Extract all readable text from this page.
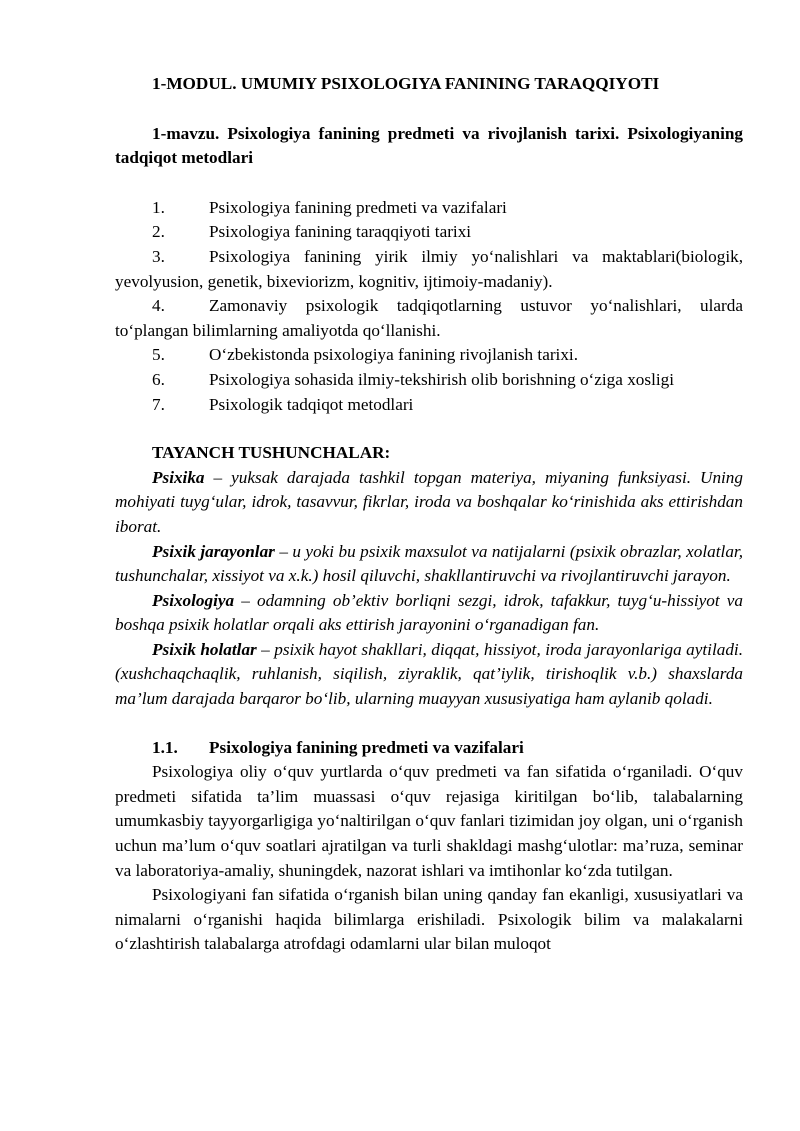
1-MODUL. UMUMIY PSIXOLOGIYA FANINING TARAQQIYOTI

1-mavzu. Psixologiya fanining predmeti va rivojlanish tarixi. Psixologiyaning tadqiqot metodlari

1.	Psixologiya fanining predmeti va vazifalari

2.	Psixologiya fanining taraqqiyoti tarixi

3.	Psixologiya fanining yirik ilmiy yo‘nalishlari va maktablari(biologik, yevolyusion, genetik, bixeviorizm, kognitiv, ijtimoiy-madaniy).

4.	Zamonaviy psixologik tadqiqotlarning ustuvor yo‘nalishlari, ularda to‘plangan bilimlarning amaliyotda qo‘llanishi.

5.	O‘zbekistonda psixologiya fanining rivojlanish tarixi.

6.	Psixologiya sohasida ilmiy-tekshirish olib borishning o‘ziga xosligi

7.	Psixologik tadqiqot metodlari

TAYANCH TUSHUNCHALAR:

Psixika – yuksak darajada tashkil topgan materiya, miyaning funksiyasi. Uning mohiyati tuyg‘ular, idrok, tasavvur, fikrlar, iroda va boshqalar ko‘rinishida aks ettirishdan iborat.

Psixik jarayonlar – u yoki bu psixik maxsulot va natijalarni (psixik obrazlar, xolatlar, tushunchalar, xissiyot va x.k.) hosil qiluvchi, shakllantiruvchi va rivojlantiruvchi jarayon.

Psixologiya – odamning ob’ektiv borliqni sezgi, idrok, tafakkur, tuyg‘u-hissiyot va boshqa psixik holatlar orqali aks ettirish jarayonini o‘rganadigan fan.

Psixik holatlar – psixik hayot shakllari, diqqat, hissiyot, iroda jarayonlariga aytiladi. (xushchaqchaqlik, ruhlanish, siqilish, ziyraklik, qat’iylik, tirishoqlik v.b.) shaxslarda ma’lum darajada barqaror bo‘lib, ularning muayyan xususiyatiga ham aylanib qoladi.

1.1. Psixologiya fanining predmeti va vazifalari

Psixologiya oliy o‘quv yurtlarda o‘quv predmeti va fan sifatida o‘rganiladi. O‘quv predmeti sifatida ta’lim muassasi o‘quv rejasiga kiritilgan bo‘lib, talabalarning umumkasbiy tayyorgarligiga yo‘naltirilgan o‘quv fanlari tizimidan joy olgan, uni o‘rganish uchun ma’lum o‘quv soatlari ajratilgan va turli shakldagi mashg‘ulotlar: ma’ruza, seminar va laboratoriya-amaliy, shuningdek, nazorat ishlari va imtihonlar ko‘zda tutilgan.

Psixologiyani fan sifatida o‘rganish bilan uning qanday fan ekanligi, xususiyatlari va nimalarni o‘rganishi haqida bilimlarga erishiladi. Psixologik bilim va malakalarni o‘zlashtirish talabalarga atrofdagi odamlarni ular bilan muloqot
